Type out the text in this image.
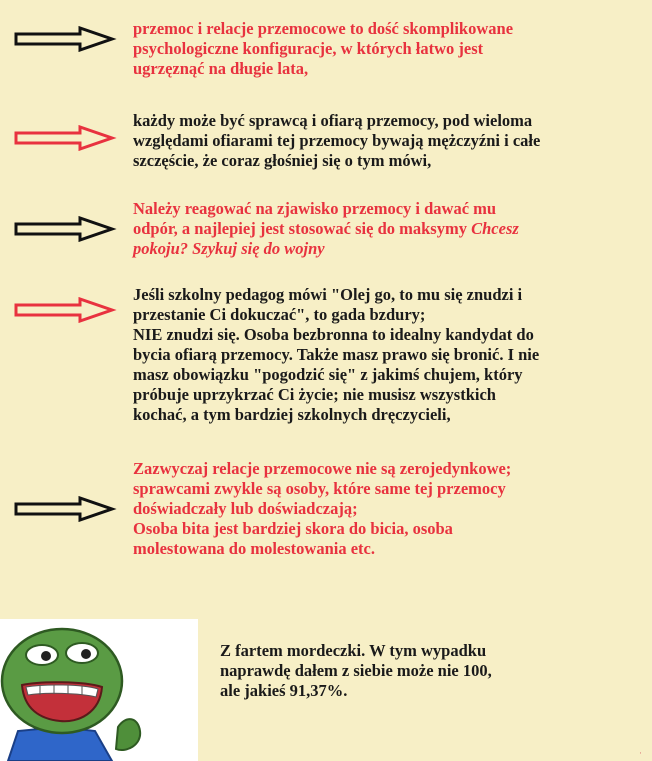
przemoc i relacje przemocowe to dość skomplikowane
psychologiczne konfiguracje, w których łatwo jest
ugrzęznąć na długie lata,
każdy może być sprawcą i ofiarą przemocy, pod wieloma
względami ofiarami tej przemocy bywają mężczyźni i całe
szczęście, że coraz głośniej się o tym mówi,
Należy reagować na zjawisko przemocy i dawać mu
odpór, a najlepiej jest stosować się do maksymy Chcesz
pokoju? Szykuj się do wojny
Jeśli szkolny pedagog mówi "Olej go, to mu się znudzi i
przestanie Ci dokuczać", to gada bzdury;
NIE znudzi się. Osoba bezbronna to idealny kandydat do
bycia ofiarą przemocy. Także masz prawo się bronić. I nie
masz obowiązku "pogodzić się" z jakimś chujem, który
próbuje uprzykrzać Ci życie; nie musisz wszystkich
kochać, a tym bardziej szkolnych dręczycieli,
Zazwyczaj relacje przemocowe nie są zerojedynkowe;
sprawcami zwykle są osoby, które same tej przemocy
doświadczały lub doświadczają;
Osoba bita jest bardziej skora do bicia, osoba
molestowana do molestowania etc.
Z fartem mordeczki. W tym wypadku
naprawdę dałem z siebie może nie 100,
ale jakieś 91,37%.
·
